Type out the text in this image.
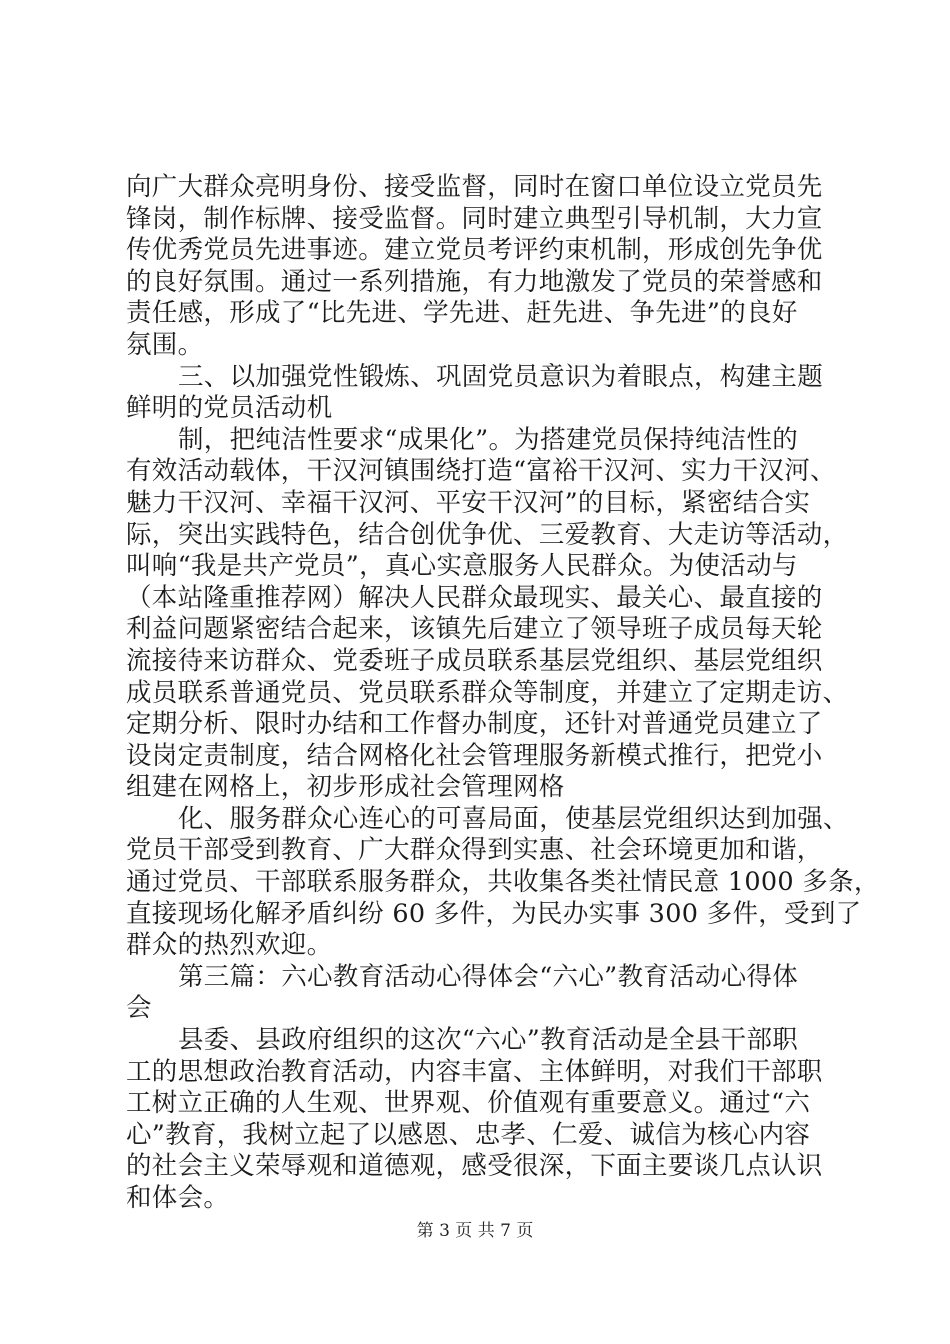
向广大群众亮明身份、接受监督，同时在窗口单位设立党员先
锋岗，制作标牌、接受监督。同时建立典型引导机制，大力宣
传优秀党员先进事迹。建立党员考评约束机制，形成创先争优
的良好氛围。通过一系列措施，有力地激发了党员的荣誉感和
责任感，形成了“比先进、学先进、赶先进、争先进”的良好
氛围。
三、以加强党性锻炼、巩固党员意识为着眼点，构建主题
鲜明的党员活动机
制，把纯洁性要求“成果化”。为搭建党员保持纯洁性的
有效活动载体，干汉河镇围绕打造“富裕干汉河、实力干汉河、
魅力干汉河、幸福干汉河、平安干汉河”的目标，紧密结合实
际，突出实践特色，结合创优争优、三爱教育、大走访等活动，
叫响“我是共产党员”，真心实意服务人民群众。为使活动与
（本站隆重推荐网）解决人民群众最现实、最关心、最直接的
利益问题紧密结合起来，该镇先后建立了领导班子成员每天轮
流接待来访群众、党委班子成员联系基层党组织、基层党组织
成员联系普通党员、党员联系群众等制度，并建立了定期走访、
定期分析、限时办结和工作督办制度，还针对普通党员建立了
设岗定责制度，结合网格化社会管理服务新模式推行，把党小
组建在网格上，初步形成社会管理网格
化、服务群众心连心的可喜局面，使基层党组织达到加强、
党员干部受到教育、广大群众得到实惠、社会环境更加和谐，
通过党员、干部联系服务群众，共收集各类社情民意 1000 多条，
直接现场化解矛盾纠纷 60 多件，为民办实事 300 多件，受到了
群众的热烈欢迎。
第三篇：六心教育活动心得体会“六心”教育活动心得体
会
县委、县政府组织的这次“六心”教育活动是全县干部职
工的思想政治教育活动，内容丰富、主体鲜明，对我们干部职
工树立正确的人生观、世界观、价值观有重要意义。通过“六
心”教育，我树立起了以感恩、忠孝、仁爱、诚信为核心内容
的社会主义荣辱观和道德观，感受很深，下面主要谈几点认识
和体会。
第 3 页 共 7 页
